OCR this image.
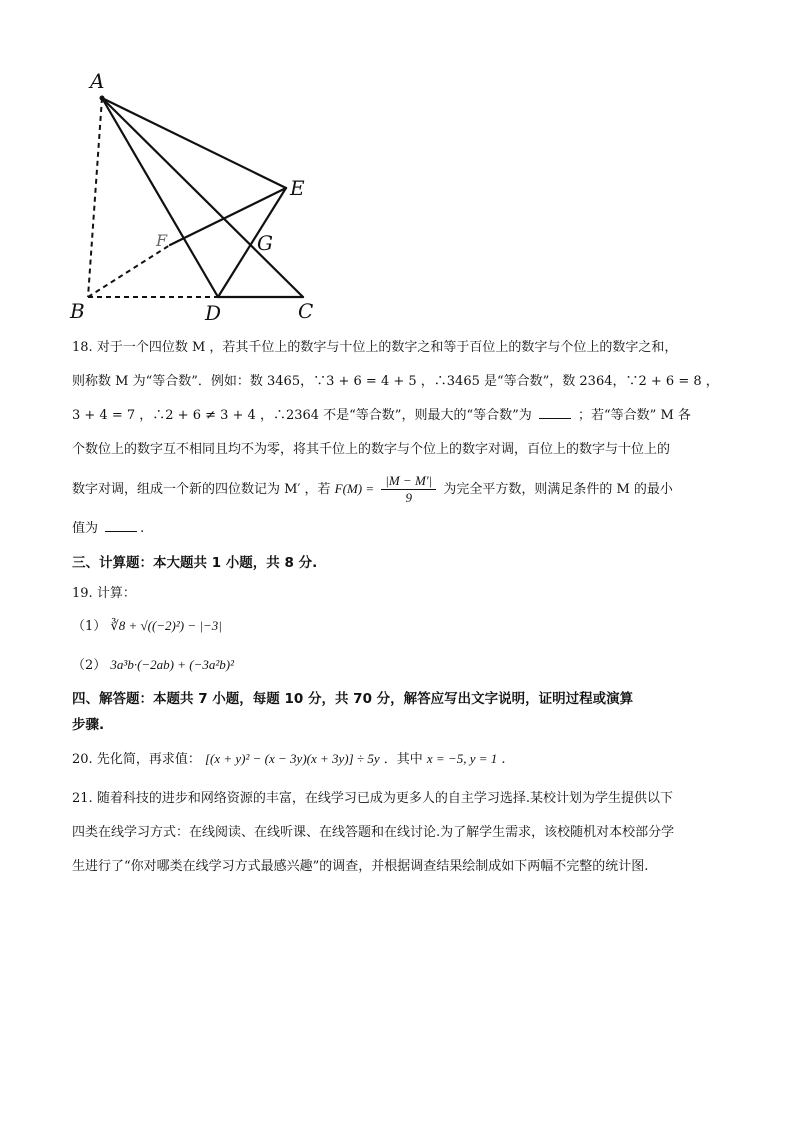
A
B	C
D
E
G
F

18. 对于一个四位数 M ，若其千位上的数字与十位上的数字之和等于百位上的数字与个位上的数字之和，

则称数 M 为“等合数”．例如：数 3465，∵3 + 6 = 4 + 5 ，∴3465 是“等合数”，数 2364，∵2 + 6 = 8 ，

3 + 4 = 7 ，∴2 + 6 ≠ 3 + 4 ，∴2364 不是“等合数”，则最大的“等合数”为	；若“等合数” M 各

个数位上的数字互不相同且均不为零，将其千位上的数字与个位上的数字对调，百位上的数字与十位上的

数字对调，组成一个新的四位数记为 M′ ，若 $F(M) = \frac{|M - M'|}{9}$ 为完全平方数，则满足条件的 M 的最小

值为	.

三、计算题：本大题共 1 小题，共 8 分.

19. 计算：

（1） ∛8 + √((−2)²) − |−3|

（2） 3a³b·(−2ab) + (−3a²b)²

四、解答题：本题共 7 小题，每题 10 分，共 70 分，解答应写出文字说明，证明过程或演算

步骤.

20. 先化简，再求值： [(x + y)² − (x − 3y)(x + 3y)] ÷ 5y ．其中 x = −5, y = 1 .

21. 随着科技的进步和网络资源的丰富，在线学习已成为更多人的自主学习选择.某校计划为学生提供以下

四类在线学习方式：在线阅读、在线听课、在线答题和在线讨论.为了解学生需求，该校随机对本校部分学

生进行了“你对哪类在线学习方式最感兴趣”的调查，并根据调查结果绘制成如下两幅不完整的统计图.
